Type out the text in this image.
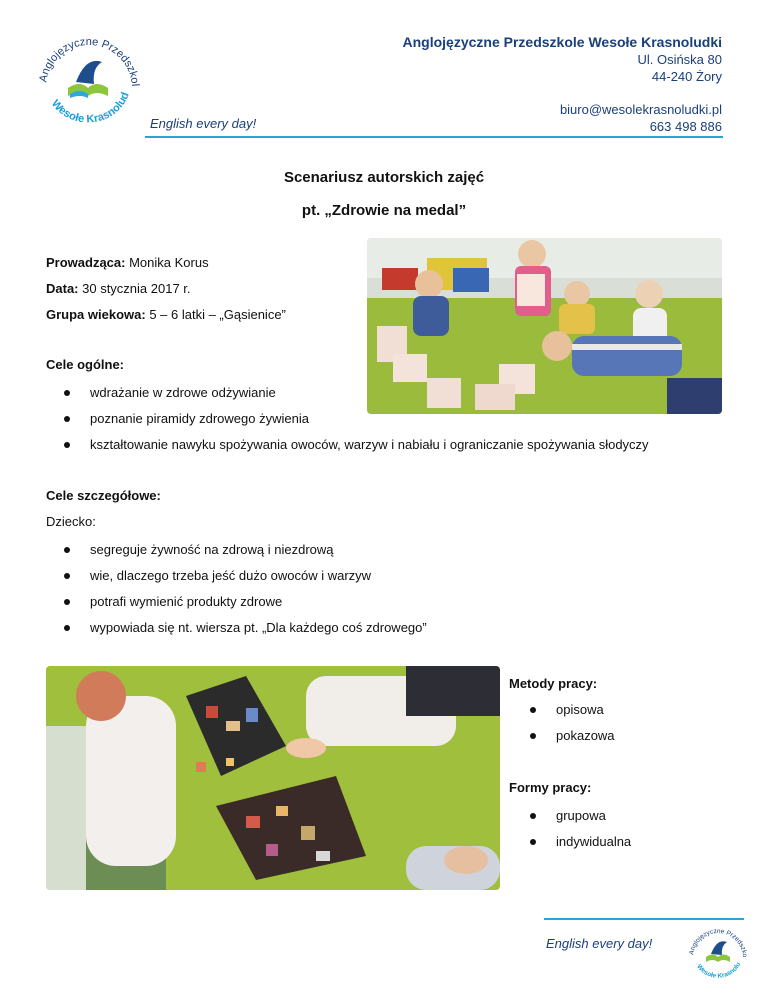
Anglojęzyczne Przedszkol
Wesołe Krasnolud
English every day!
Anglojęzyczne Przedszkole Wesołe Krasnoludki
Ul. Osińska 80
44-240 Żory
biuro@wesolekrasnoludki.pl
663 498 886
Scenariusz autorskich zajęć
pt. „Zdrowie na medal”
Prowadząca: Monika Korus
Data: 30 stycznia 2017 r.
Grupa wiekowa: 5 – 6 latki – „Gąsienice”
Cele ogólne:
wdrażanie w zdrowe odżywianie
poznanie piramidy zdrowego żywienia
kształtowanie nawyku spożywania owoców, warzyw i nabiału i ograniczanie spożywania słodyczy
Cele szczegółowe:
Dziecko:
segreguje żywność na zdrową i niezdrową
wie, dlaczego trzeba jeść dużo owoców i warzyw
potrafi wymienić produkty zdrowe
wypowiada się nt. wiersza pt. „Dla każdego coś zdrowego”
Metody pracy:
opisowa
pokazowa
Formy pracy:
grupowa
indywidualna
English every day!
Anglojęzyczne Przedszko
Wesołe Krasnolu
